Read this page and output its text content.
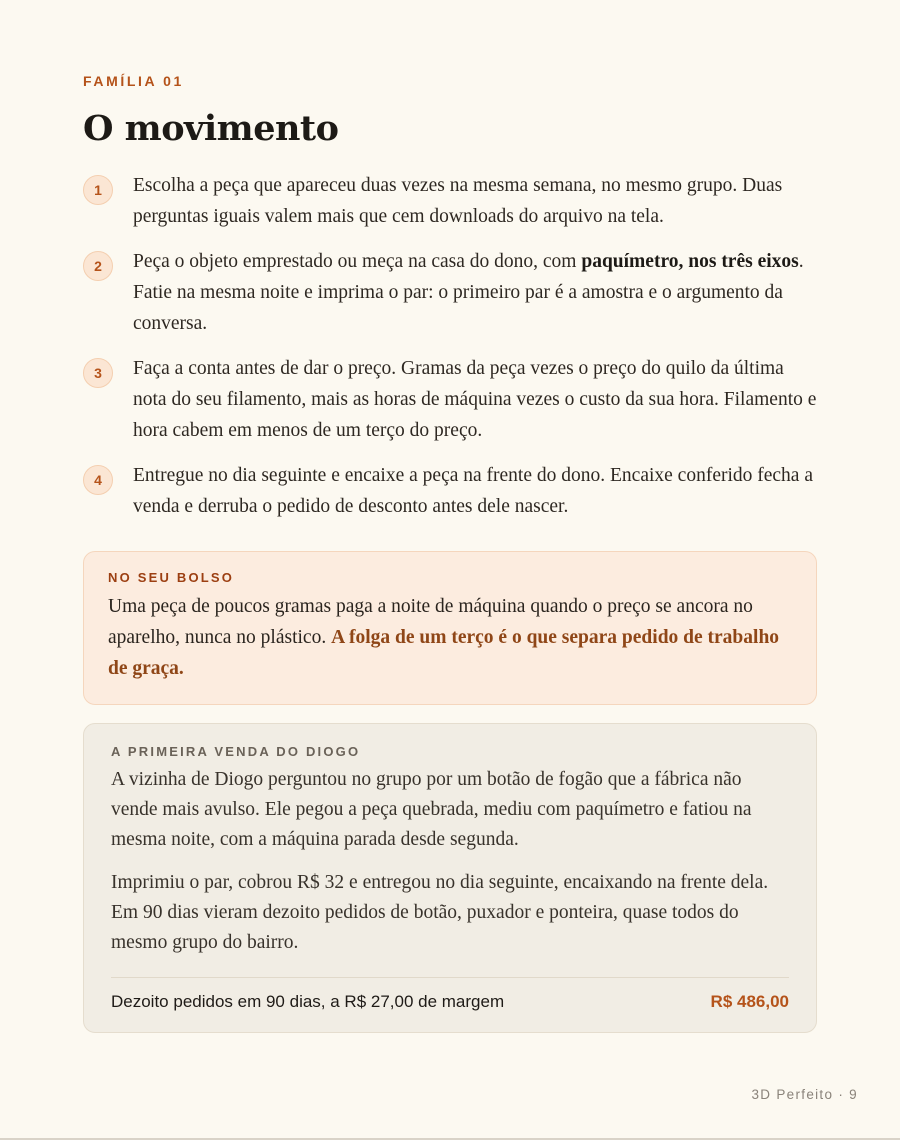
FAMÍLIA 01
O movimento
1	Escolha a peça que apareceu duas vezes na mesma semana, no mesmo grupo. Duas perguntas iguais valem mais que cem downloads do arquivo na tela.
2	Peça o objeto emprestado ou meça na casa do dono, com paquímetro, nos três eixos. Fatie na mesma noite e imprima o par: o primeiro par é a amostra e o argumento da conversa.
3	Faça a conta antes de dar o preço. Gramas da peça vezes o preço do quilo da última nota do seu filamento, mais as horas de máquina vezes o custo da sua hora. Filamento e hora cabem em menos de um terço do preço.
4	Entregue no dia seguinte e encaixe a peça na frente do dono. Encaixe conferido fecha a venda e derruba o pedido de desconto antes dele nascer.
NO SEU BOLSO
Uma peça de poucos gramas paga a noite de máquina quando o preço se ancora no aparelho, nunca no plástico. A folga de um terço é o que separa pedido de trabalho de graça.
A PRIMEIRA VENDA DO DIOGO

A vizinha de Diogo perguntou no grupo por um botão de fogão que a fábrica não vende mais avulso. Ele pegou a peça quebrada, mediu com paquímetro e fatiou na mesma noite, com a máquina parada desde segunda.

Imprimiu o par, cobrou R$ 32 e entregou no dia seguinte, encaixando na frente dela. Em 90 dias vieram dezoito pedidos de botão, puxador e ponteira, quase todos do mesmo grupo do bairro.

Dezoito pedidos em 90 dias, a R$ 27,00 de margem	R$ 486,00
3D Perfeito · 9
